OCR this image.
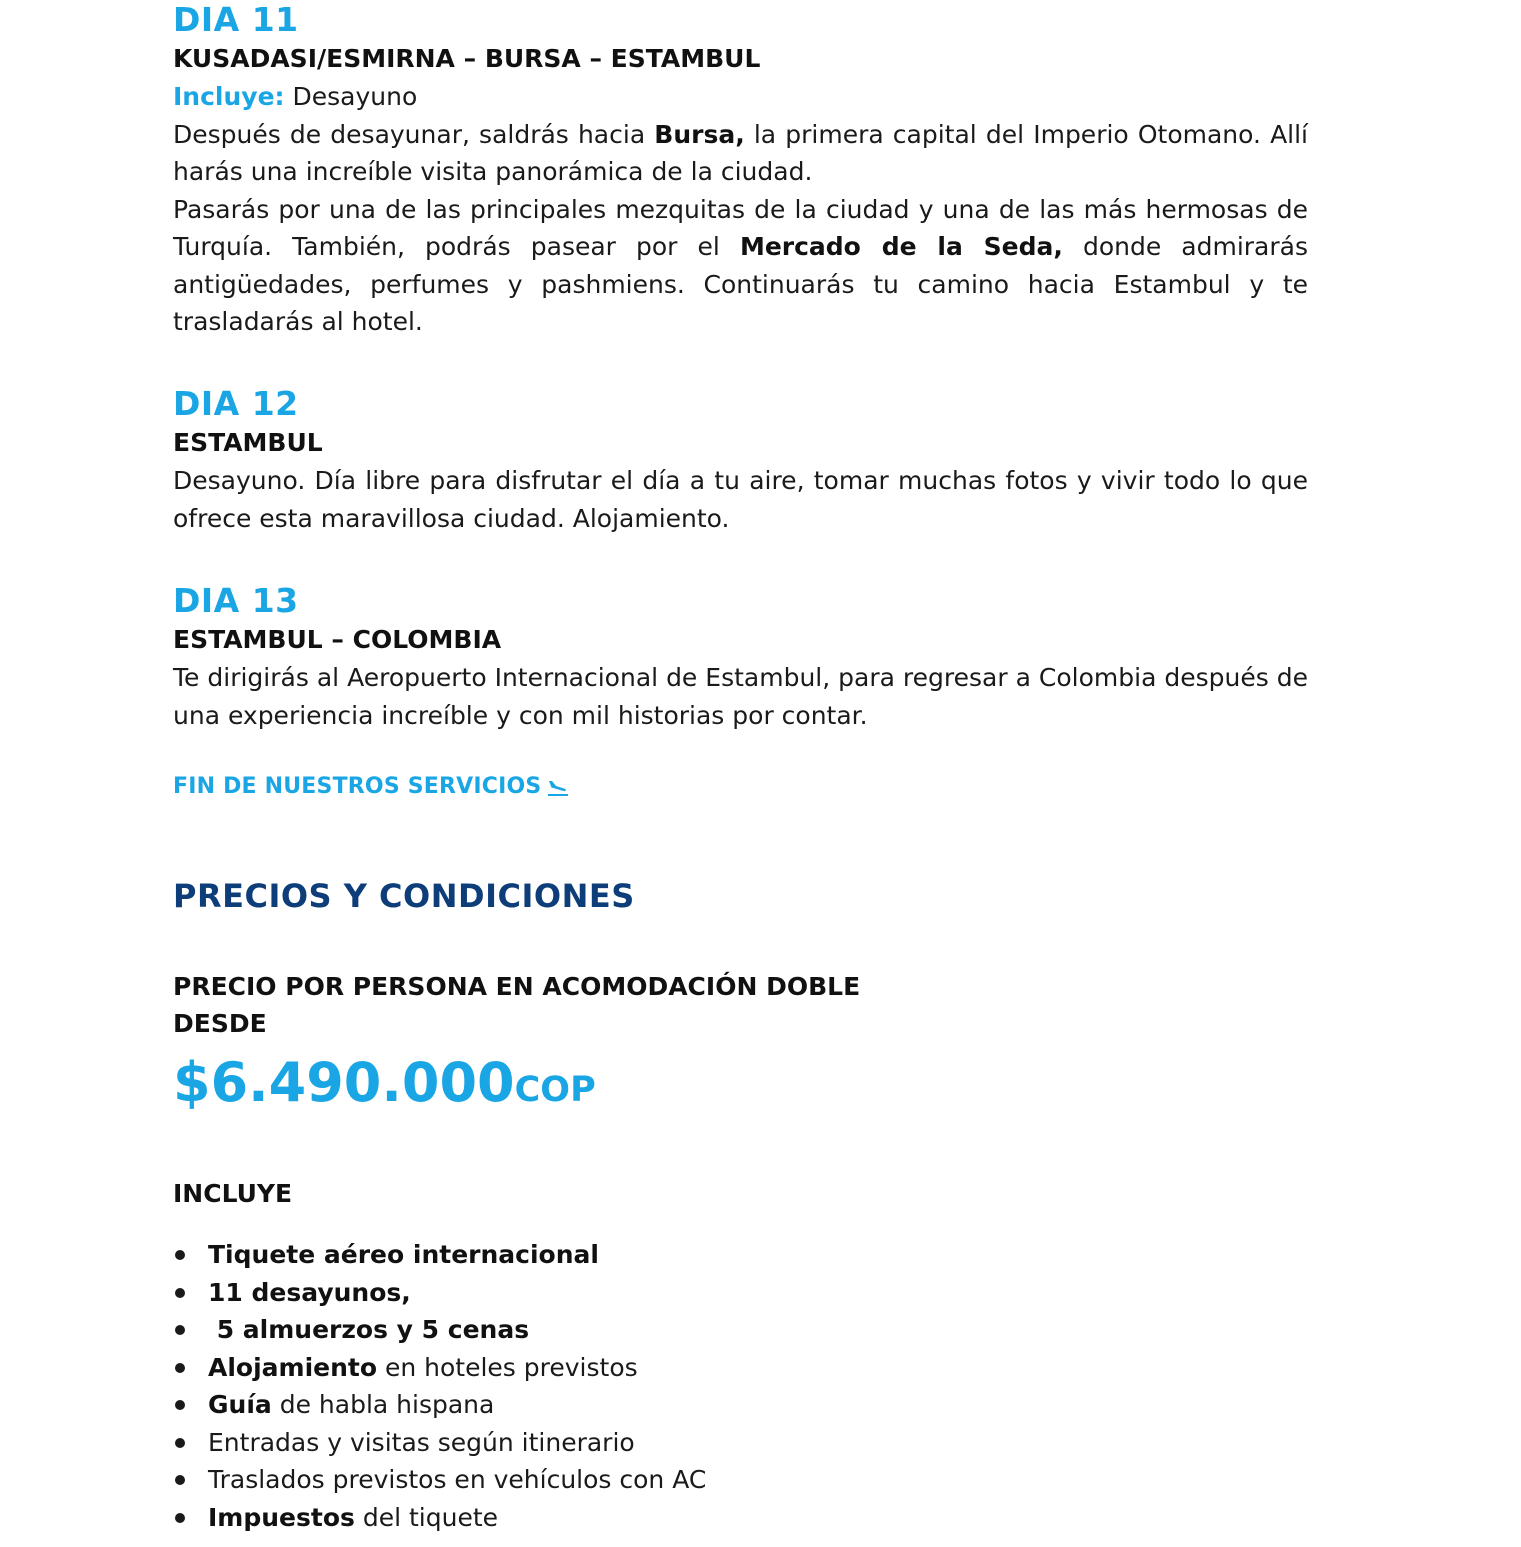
DIA 11
KUSADASI/ESMIRNA – BURSA – ESTAMBUL

Incluye: Desayuno

Después de desayunar, saldrás hacia Bursa, la primera capital del Imperio Otomano. Allí harás una increíble visita panorámica de la ciudad.

Pasarás por una de las principales mezquitas de la ciudad y una de las más hermosas de Turquía. También, podrás pasear por el Mercado de la Seda, donde admirarás antigüedades, perfumes y pashmiens. Continuarás tu camino hacia Estambul y te trasladarás al hotel.

DIA 12
ESTAMBUL

Desayuno. Día libre para disfrutar el día a tu aire, tomar muchas fotos y vivir todo lo que ofrece esta maravillosa ciudad. Alojamiento.

DIA 13
ESTAMBUL – COLOMBIA

Te dirigirás al Aeropuerto Internacional de Estambul, para regresar a Colombia después de una experiencia increíble y con mil historias por contar.

FIN DE NUESTROS SERVICIOS
PRECIOS Y CONDICIONES
PRECIO POR PERSONA EN ACOMODACIÓN DOBLE
DESDE
$6.490.000COP
INCLUYE
Tiquete aéreo internacional
11 desayunos,
5 almuerzos y 5 cenas
Alojamiento en hoteles previstos
Guía de habla hispana
Entradas y visitas según itinerario
Traslados previstos en vehículos con AC
Impuestos del tiquete
